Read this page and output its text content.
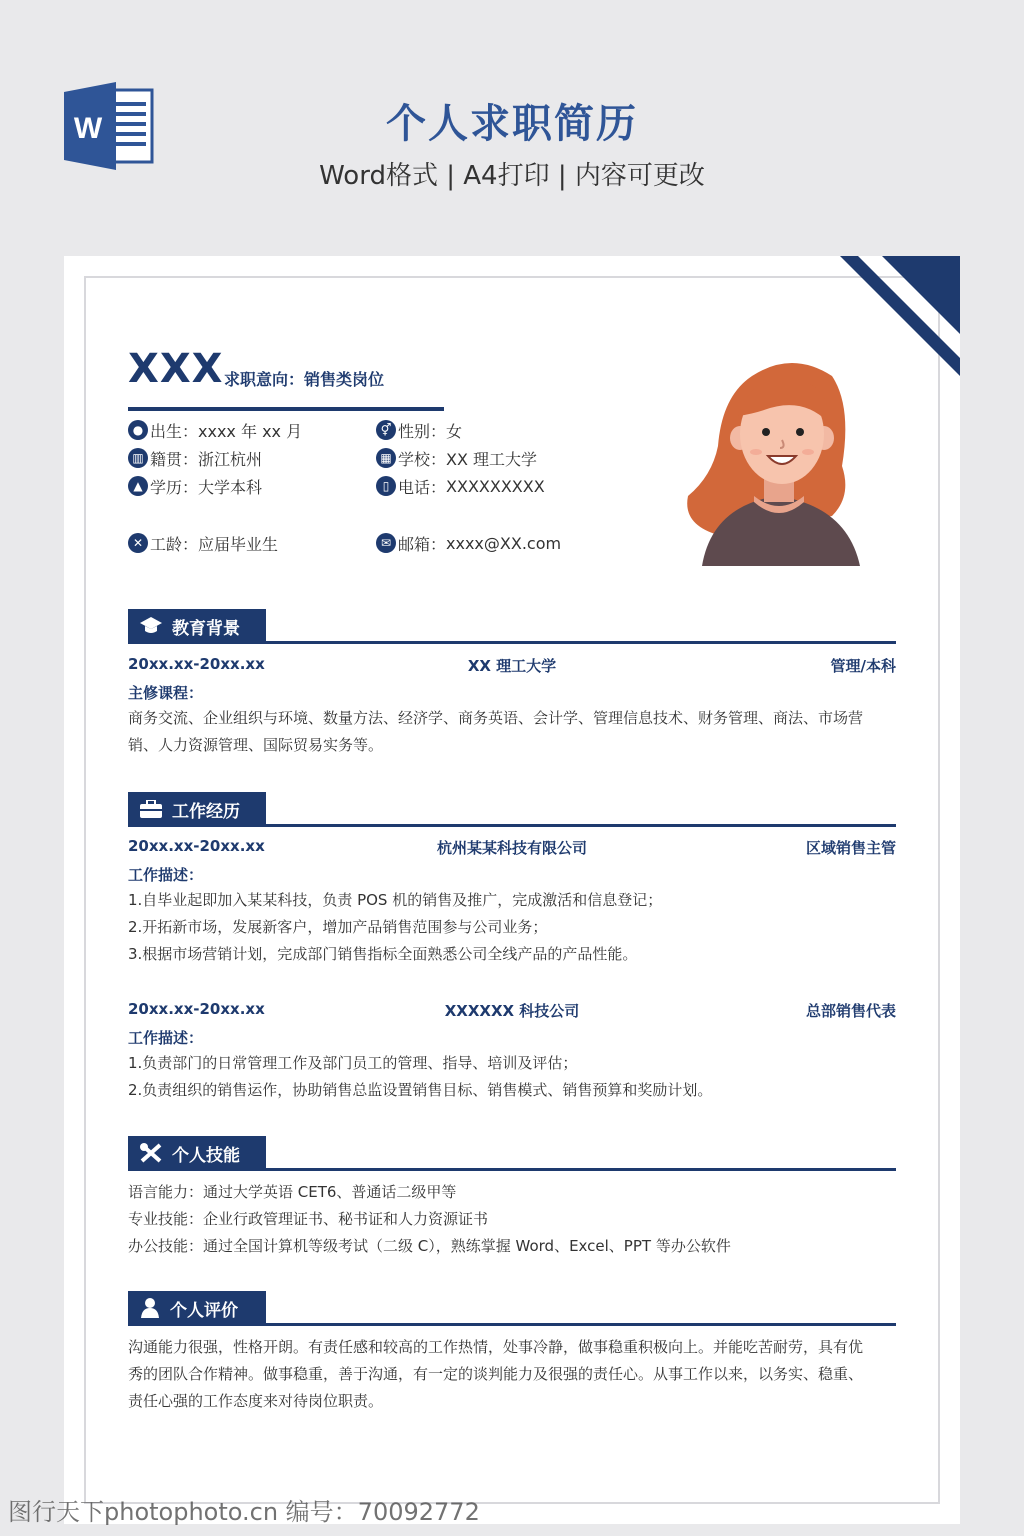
W	个人求职简历
Word格式 | A4打印 | 内容可更改
XXX 求职意向：销售类岗位
● 出生： xxxx 年 xx 月	⚥ 性别： 女
▥ 籍贯： 浙江杭州	▦ 学校： XX 理工大学
▲ 学历： 大学本科	▯ 电话： XXXXXXXXX
✕ 工龄： 应届毕业生	✉ 邮箱： xxxx@XX.com
教育背景
20xx.xx-20xx.xx	XX 理工大学	管理/本科
主修课程：

商务交流、企业组织与环境、数量方法、经济学、商务英语、会计学、管理信息技术、财务管理、商法、市场营

销、人力资源管理、国际贸易实务等。

工作经历
20xx.xx-20xx.xx	杭州某某科技有限公司	区域销售主管
工作描述：

1.自毕业起即加入某某科技，负责 POS 机的销售及推广，完成激活和信息登记；

2.开拓新市场，发展新客户，增加产品销售范围参与公司业务；

3.根据市场营销计划，完成部门销售指标全面熟悉公司全线产品的产品性能。

20xx.xx-20xx.xx	XXXXXX 科技公司	总部销售代表
工作描述：

1.负责部门的日常管理工作及部门员工的管理、指导、培训及评估；

2.负责组织的销售运作，协助销售总监设置销售目标、销售模式、销售预算和奖励计划。

个人技能

语言能力：通过大学英语 CET6、普通话二级甲等

专业技能：企业行政管理证书、秘书证和人力资源证书

办公技能：通过全国计算机等级考试（二级 C），熟练掌握 Word、Excel、PPT 等办公软件

个人评价

沟通能力很强，性格开朗。有责任感和较高的工作热情，处事冷静，做事稳重积极向上。并能吃苦耐劳，具有优

秀的团队合作精神。做事稳重，善于沟通，有一定的谈判能力及很强的责任心。从事工作以来，以务实、稳重、

责任心强的工作态度来对待岗位职责。

图行天下photophoto.cn 编号：70092772
